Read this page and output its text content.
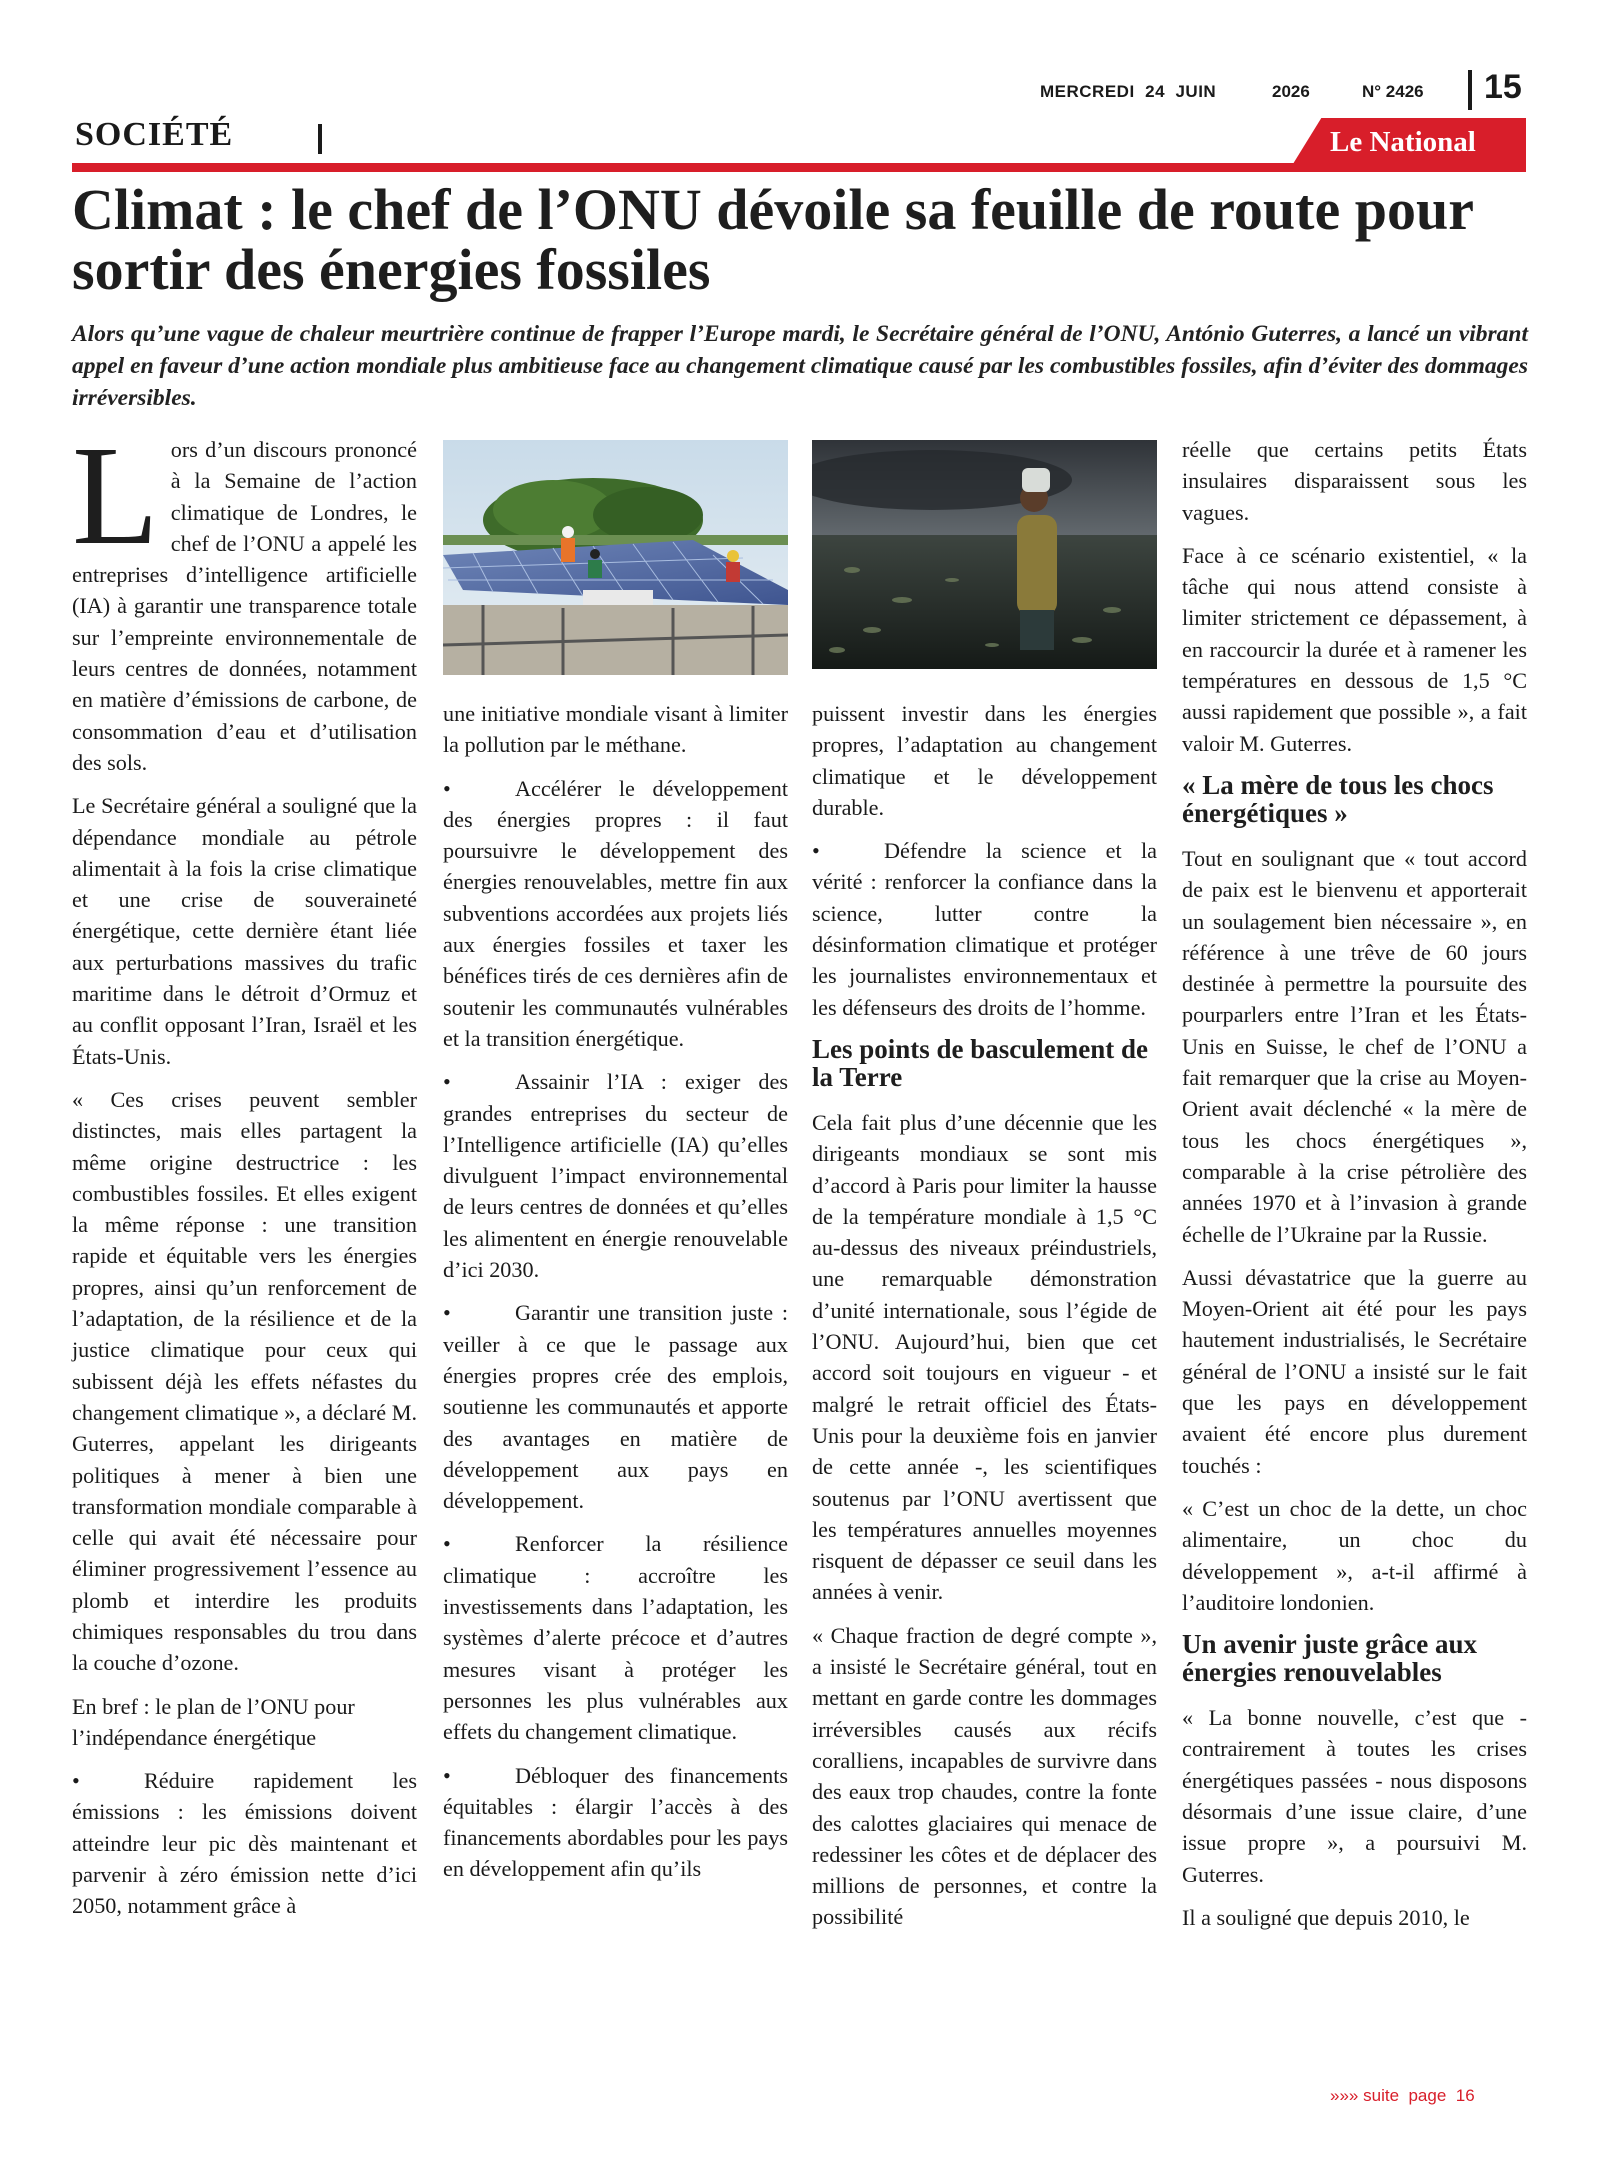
MERCREDI  24  JUIN	2026	N° 2426 15
SOCIÉTÉ	Le National
Climat : le chef de l’ONU dévoile sa feuille de route pour sortir des énergies fossiles
Alors qu’une vague de chaleur meurtrière continue de frapper l’Europe mardi, le Secrétaire général de l’ONU, António Guterres, a lancé un vibrant appel en faveur d’une action mondiale plus ambitieuse face au changement climatique causé par les combustibles fossiles, afin d’éviter des dommages irréversibles.

Lors d’un discours prononcé à la Semaine de l’action climatique de Londres, le chef de l’ONU a appelé les entreprises d’intelligence artificielle (IA) à garantir une transparence totale sur l’empreinte environnementale de leurs centres de données, notamment en matière d’émissions de carbone, de consommation d’eau et d’utilisation des sols.

Le Secrétaire général a souligné que la dépendance mondiale au pétrole alimentait à la fois la crise climatique et une crise de souveraineté énergétique, cette dernière étant liée aux perturbations massives du trafic maritime dans le détroit d’Ormuz et au conflit opposant l’Iran, Israël et les États-Unis.

« Ces crises peuvent sembler distinctes, mais elles partagent la même origine destructrice : les combustibles fossiles. Et elles exigent la même réponse : une transition rapide et équitable vers les énergies propres, ainsi qu’un renforcement de l’adaptation, de la résilience et de la justice climatique pour ceux qui subissent déjà les effets néfastes du changement climatique », a déclaré M. Guterres, appelant les dirigeants politiques à mener à bien une transformation mondiale comparable à celle qui avait été nécessaire pour éliminer progressivement l’essence au plomb et interdire les produits chimiques responsables du trou dans la couche d’ozone.

En bref : le plan de l’ONU pour l’indépendance énergétique

•	Réduire rapidement les émissions : les émissions doivent atteindre leur pic dès maintenant et parvenir à zéro émission nette d’ici 2050, notamment grâce à

une initiative mondiale visant à limiter la pollution par le méthane.

•	Accélérer le développement des énergies propres : il faut poursuivre le développement des énergies renouvelables, mettre fin aux subventions accordées aux projets liés aux énergies fossiles et taxer les bénéfices tirés de ces dernières afin de soutenir les communautés vulnérables et la transition énergétique.

•	Assainir l’IA : exiger des grandes entreprises du secteur de l’Intelligence artificielle (IA) qu’elles divulguent l’impact environnemental de leurs centres de données et qu’elles les alimentent en énergie renouvelable d’ici 2030.

•	Garantir une transition juste : veiller à ce que le passage aux énergies propres crée des emplois, soutienne les communautés et apporte des avantages en matière de développement aux pays en développement.

•	Renforcer la résilience climatique : accroître les investissements dans l’adaptation, les systèmes d’alerte précoce et d’autres mesures visant à protéger les personnes les plus vulnérables aux effets du changement climatique.

•	Débloquer des financements équitables : élargir l’accès à des financements abordables pour les pays en développement afin qu’ils

puissent investir dans les énergies propres, l’adaptation au changement climatique et le développement durable.

•	Défendre la science et la vérité : renforcer la confiance dans la science, lutter contre la désinformation climatique et protéger les journalistes environnementaux et les défenseurs des droits de l’homme.

Les points de basculement de la Terre

Cela fait plus d’une décennie que les dirigeants mondiaux se sont mis d’accord à Paris pour limiter la hausse de la température mondiale à 1,5 °C au-dessus des niveaux préindustriels, une remarquable démonstration d’unité internationale, sous l’égide de l’ONU. Aujourd’hui, bien que cet accord soit toujours en vigueur - et malgré le retrait officiel des États-Unis pour la deuxième fois en janvier de cette année -, les scientifiques soutenus par l’ONU avertissent que les températures annuelles moyennes risquent de dépasser ce seuil dans les années à venir.

« Chaque fraction de degré compte », a insisté le Secrétaire général, tout en mettant en garde contre les dommages irréversibles causés aux récifs coralliens, incapables de survivre dans des eaux trop chaudes, contre la fonte des calottes glaciaires qui menace de redessiner les côtes et de déplacer des millions de personnes, et contre la possibilité

réelle que certains petits États insulaires disparaissent sous les vagues.

Face à ce scénario existentiel, « la tâche qui nous attend consiste à limiter strictement ce dépassement, à en raccourcir la durée et à ramener les températures en dessous de 1,5 °C aussi rapidement que possible », a fait valoir M. Guterres.

« La mère de tous les chocs énergétiques »

Tout en soulignant que « tout accord de paix est le bienvenu et apporterait un soulagement bien nécessaire », en référence à une trêve de 60 jours destinée à permettre la poursuite des pourparlers entre l’Iran et les États-Unis en Suisse, le chef de l’ONU a fait remarquer que la crise au Moyen-Orient avait déclenché « la mère de tous les chocs énergétiques », comparable à la crise pétrolière des années 1970 et à l’invasion à grande échelle de l’Ukraine par la Russie.

Aussi dévastatrice que la guerre au Moyen-Orient ait été pour les pays hautement industrialisés, le Secrétaire général de l’ONU a insisté sur le fait que les pays en développement avaient été encore plus durement touchés :

« C’est un choc de la dette, un choc alimentaire, un choc du développement », a-t-il affirmé à l’auditoire londonien.

Un avenir juste grâce aux énergies renouvelables

« La bonne nouvelle, c’est que - contrairement à toutes les crises énergétiques passées - nous disposons désormais d’une issue claire, d’une issue propre », a poursuivi M. Guterres.

Il a souligné que depuis 2010, le

»»» suite  page 16
